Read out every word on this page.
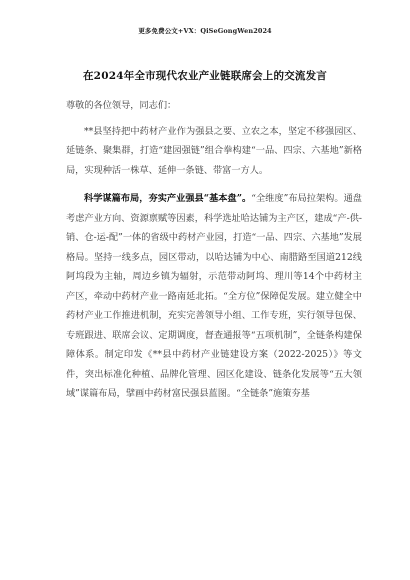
更多免费公文+VX：QiSeGongWen2024
在2024年全市现代农业产业链联席会上的交流发言

尊敬的各位领导，同志们：

**县坚持把中药材产业作为强县之要、立农之本，坚定不移强园区、延链条、聚集群，打造“建园强链”组合拳构建“一品、四宗、六基地”新格局，实现种活一株草、延伸一条链、带富一方人。

科学谋篇布局，夯实产业强县“基本盘”。“全维度”布局拉架构。通盘考虑产业方向、资源禀赋等因素，科学选址哈达铺为主产区，建成“产-供-销、仓-运-配”一体的省级中药材产业园，打造“一品、四宗、六基地”发展格局。坚持一线多点，园区带动，以哈达铺为中心、南腊路至国道212线阿坞段为主轴，周边乡镇为辐射，示范带动阿坞、理川等14个中药材主产区，牵动中药材产业一路南延北拓。“全方位”保障促发展。建立健全中药材产业工作推进机制，充实完善领导小组、工作专班，实行领导包保、专班跟进、联席会议、定期调度，督查通报等“五项机制”，全链条构建保障体系。制定印发《**县中药材产业链建设方案（2022-2025）》等文件，突出标准化种植、品牌化管理、园区化建设、链条化发展等“五大领域”谋篇布局，擘画中药材富民强县蓝图。“全链条”施策夯基
